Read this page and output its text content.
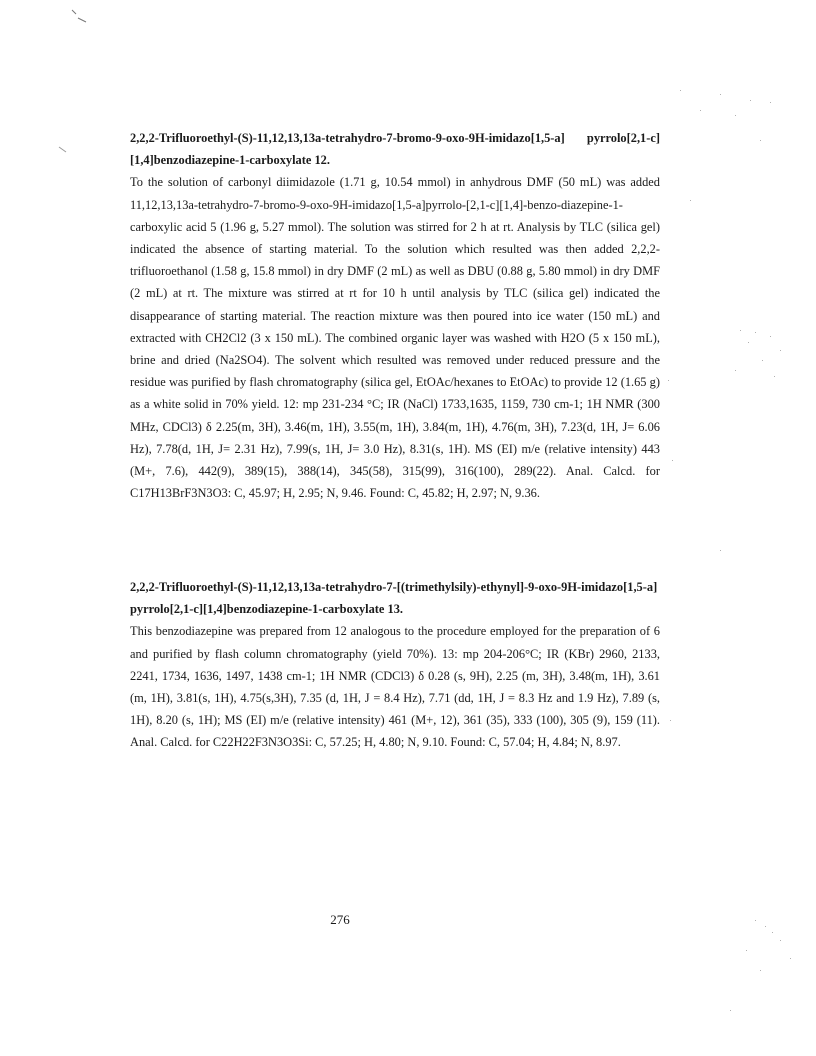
2,2,2-Trifluoroethyl-(S)-11,12,13,13a-tetrahydro-7-bromo-9-oxo-9H-imidazo[1,5-a] pyrrolo[2,1-c][1,4]benzodiazepine-1-carboxylate 12.

To the solution of carbonyl diimidazole (1.71 g, 10.54 mmol) in anhydrous DMF (50 mL) was added 11,12,13,13a-tetrahydro-7-bromo-9-oxo-9H-imidazo[1,5-a]pyrrolo-[2,1-c][1,4]-benzo-diazepine-1-carboxylic acid 5 (1.96 g, 5.27 mmol). The solution was stirred for 2 h at rt. Analysis by TLC (silica gel) indicated the absence of starting material. To the solution which resulted was then added 2,2,2-trifluoroethanol (1.58 g, 15.8 mmol) in dry DMF (2 mL) as well as DBU (0.88 g, 5.80 mmol) in dry DMF (2 mL) at rt. The mixture was stirred at rt for 10 h until analysis by TLC (silica gel) indicated the disappearance of starting material. The reaction mixture was then poured into ice water (150 mL) and extracted with CH2Cl2 (3 x 150 mL). The combined organic layer was washed with H2O (5 x 150 mL), brine and dried (Na2SO4). The solvent which resulted was removed under reduced pressure and the residue was purified by flash chromatography (silica gel, EtOAc/hexanes to EtOAc) to provide 12 (1.65 g) as a white solid in 70% yield. 12: mp 231-234 °C; IR (NaCl) 1733,1635, 1159, 730 cm-1; 1H NMR (300 MHz, CDCl3) δ 2.25(m, 3H), 3.46(m, 1H), 3.55(m, 1H), 3.84(m, 1H), 4.76(m, 3H), 7.23(d, 1H, J= 6.06 Hz), 7.78(d, 1H, J= 2.31 Hz), 7.99(s, 1H, J= 3.0 Hz), 8.31(s, 1H). MS (EI) m/e (relative intensity) 443 (M+, 7.6), 442(9), 389(15), 388(14), 345(58), 315(99), 316(100), 289(22). Anal. Calcd. for C17H13BrF3N3O3: C, 45.97; H, 2.95; N, 9.46. Found: C, 45.82; H, 2.97; N, 9.36.

2,2,2-Trifluoroethyl-(S)-11,12,13,13a-tetrahydro-7-[(trimethylsily)-ethynyl]-9-oxo-9H-imidazo[1,5-a] pyrrolo[2,1-c][1,4]benzodiazepine-1-carboxylate 13.

This benzodiazepine was prepared from 12 analogous to the procedure employed for the preparation of 6 and purified by flash column chromatography (yield 70%). 13: mp 204-206°C; IR (KBr) 2960, 2133, 2241, 1734, 1636, 1497, 1438 cm-1; 1H NMR (CDCl3) δ 0.28 (s, 9H), 2.25 (m, 3H), 3.48(m, 1H), 3.61 (m, 1H), 3.81(s, 1H), 4.75(s,3H), 7.35 (d, 1H, J = 8.4 Hz), 7.71 (dd, 1H, J = 8.3 Hz and 1.9 Hz), 7.89 (s, 1H), 8.20 (s, 1H); MS (EI) m/e (relative intensity) 461 (M+, 12), 361 (35), 333 (100), 305 (9), 159 (11). Anal. Calcd. for C22H22F3N3O3Si: C, 57.25; H, 4.80; N, 9.10. Found: C, 57.04; H, 4.84; N, 8.97.

276
